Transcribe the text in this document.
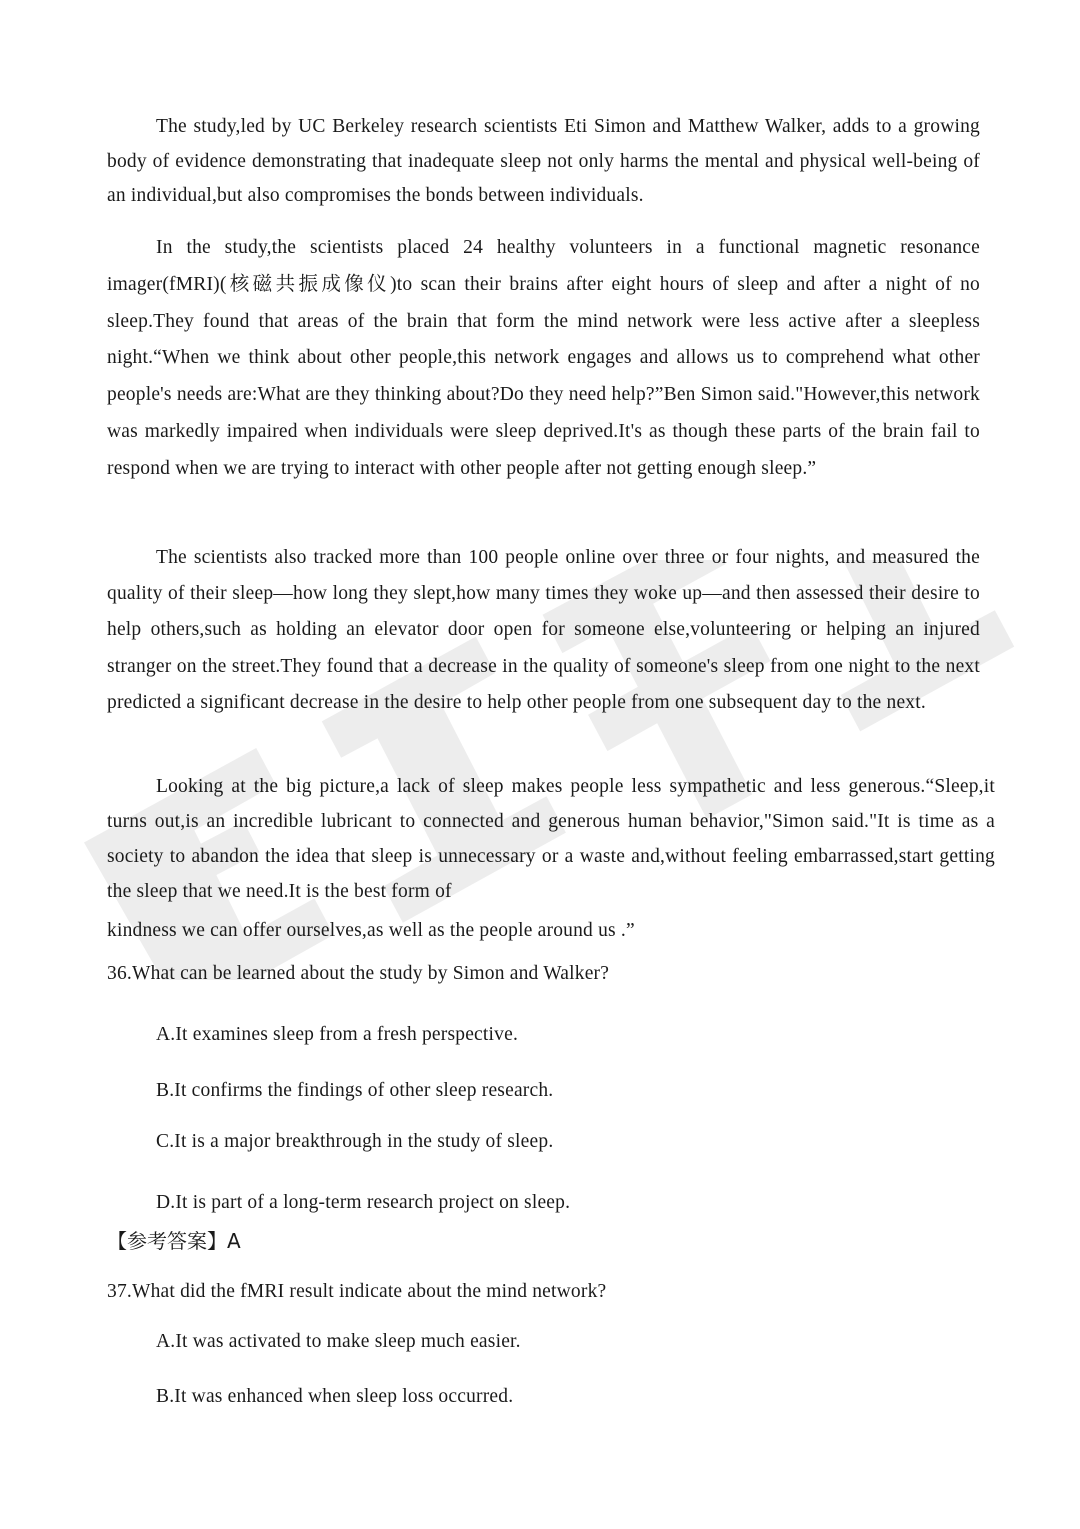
The study,led by UC Berkeley research scientists Eti Simon and Matthew Walker, adds to a growing body of evidence demonstrating that inadequate sleep not only harms the mental and physical well-being of an individual,but also compromises the bonds between individuals.

In the study,the scientists placed 24 healthy volunteers in a functional magnetic resonance imager(fMRI)(核磁共振成像仪)to scan their brains after eight hours of sleep and after a night of no sleep.They found that areas of the brain that form the mind network were less active after a sleepless night.“When we think about other people,this network engages and allows us to comprehend what other people's needs are:What are they thinking about?Do they need help?”Ben Simon said."However,this network was markedly impaired when individuals were sleep deprived.It's as though these parts of the brain fail to respond when we are trying to interact with other people after not getting enough sleep.”

The scientists also tracked more than 100 people online over three or four nights, and measured the quality of their sleep—how long they slept,how many times they woke up—and then assessed their desire to help others,such as holding an elevator door open for someone else,volunteering or helping an injured stranger on the street.They found that a decrease in the quality of someone's sleep from one night to the next predicted a significant decrease in the desire to help other people from one subsequent day to the next.

Looking at the big picture,a lack of sleep makes people less sympathetic and less generous.“Sleep,it turns out,is an incredible lubricant to connected and generous human behavior,"Simon said."It is time as a society to abandon the idea that sleep is unnecessary or a waste and,without feeling embarrassed,start getting the sleep that we need.It is the best form of

kindness we can offer ourselves,as well as the people around us .”
36.What can be learned about the study by Simon and Walker?
A.It examines sleep from a fresh perspective.
B.It confirms the findings of other sleep research.
C.It is a major breakthrough in the study of sleep.
D.It is part of a long-term research project on sleep.
【参考答案】A
37.What did the fMRI result indicate about the mind network?
A.It was activated to make sleep much easier.
B.It was enhanced when sleep loss occurred.
